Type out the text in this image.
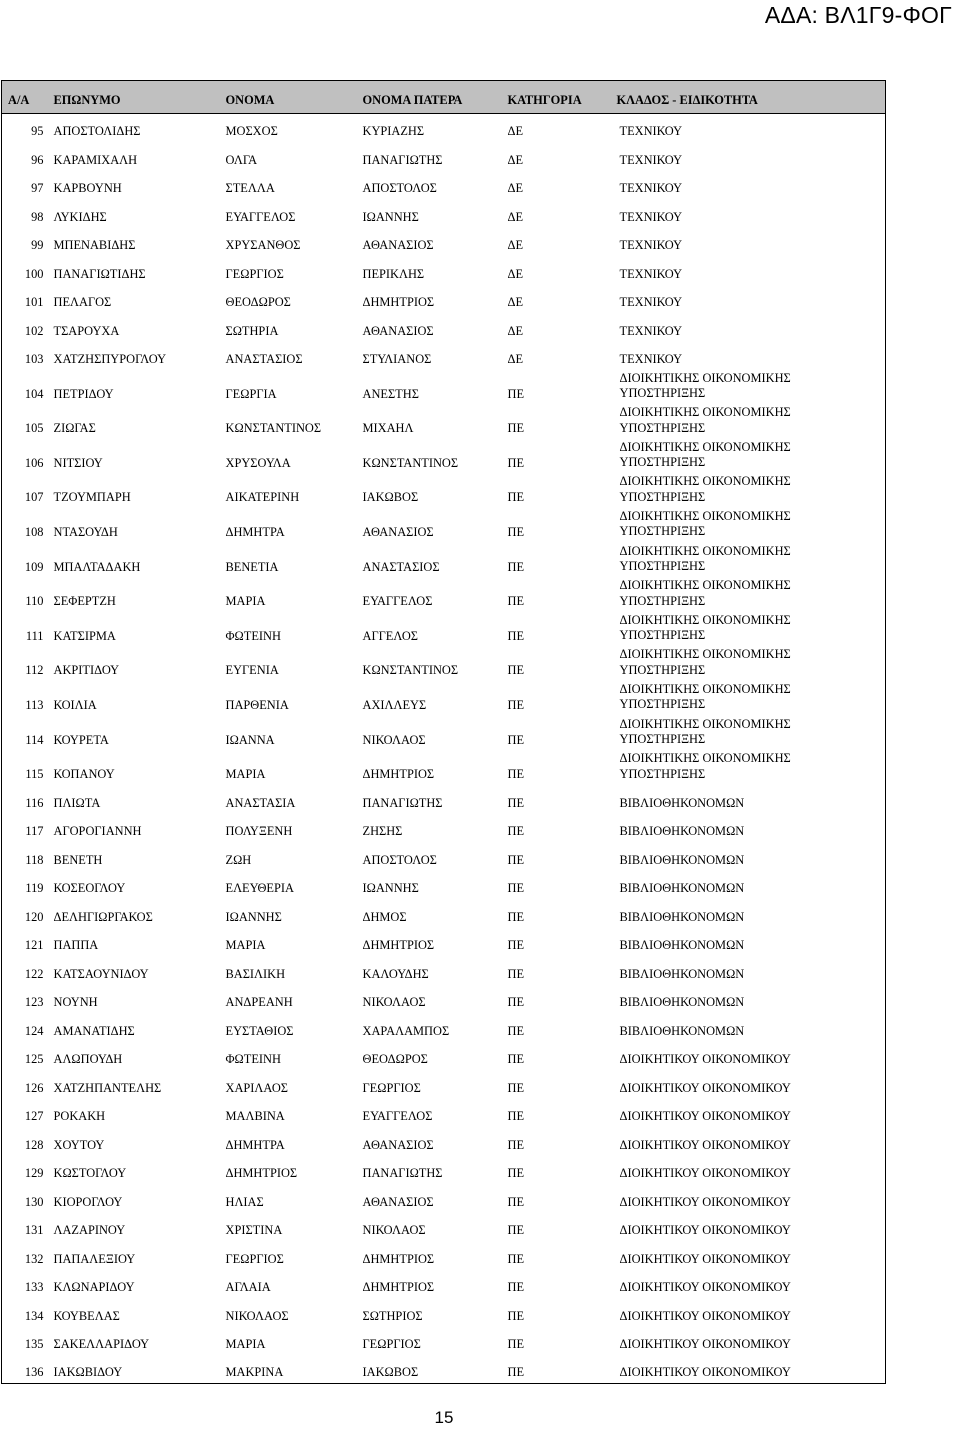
ΑΔΑ: ΒΛ1Γ9-ΦΟΓ
Α/Α	ΕΠΩΝΥΜΟ	ΟΝΟΜΑ	ΟΝΟΜΑ ΠΑΤΕΡΑ	ΚΑΤΗΓΟΡΙΑ	ΚΛΑΔΟΣ - ΕΙΔΙΚΟΤΗΤΑ
95	ΑΠΟΣΤΟΛΙΔΗΣ	ΜΟΣΧΟΣ	ΚΥΡΙΑΖΗΣ	ΔΕ	ΤΕΧΝΙΚΟΥ

96	ΚΑΡΑΜΙΧΑΛΗ	ΟΛΓΑ	ΠΑΝΑΓΙΩΤΗΣ	ΔΕ	ΤΕΧΝΙΚΟΥ

97	ΚΑΡΒΟΥΝΗ	ΣΤΕΛΛΑ	ΑΠΟΣΤΟΛΟΣ	ΔΕ	ΤΕΧΝΙΚΟΥ

98	ΛΥΚΙΔΗΣ	ΕΥΑΓΓΕΛΟΣ	ΙΩΑΝΝΗΣ	ΔΕ	ΤΕΧΝΙΚΟΥ

99	ΜΠΕΝΑΒΙΔΗΣ	ΧΡΥΣΑΝΘΟΣ	ΑΘΑΝΑΣΙΟΣ	ΔΕ	ΤΕΧΝΙΚΟΥ

100	ΠΑΝΑΓΙΩΤΙΔΗΣ	ΓΕΩΡΓΙΟΣ	ΠΕΡΙΚΛΗΣ	ΔΕ	ΤΕΧΝΙΚΟΥ

101	ΠΕΛΑΓΟΣ	ΘΕΟΔΩΡΟΣ	ΔΗΜΗΤΡΙΟΣ	ΔΕ	ΤΕΧΝΙΚΟΥ

102	ΤΣΑΡΟΥΧΑ	ΣΩΤΗΡΙΑ	ΑΘΑΝΑΣΙΟΣ	ΔΕ	ΤΕΧΝΙΚΟΥ

103	ΧΑΤΖΗΣΠΥΡΟΓΛΟΥ	ΑΝΑΣΤΑΣΙΟΣ	ΣΤΥΛΙΑΝΟΣ	ΔΕ	ΤΕΧΝΙΚΟΥ

104	ΠΕΤΡΙΔΟΥ	ΓΕΩΡΓΙΑ	ΑΝΕΣΤΗΣ	ΠΕ	ΔΙΟΙΚΗΤΙΚΗΣ ΟΙΚΟΝΟΜΙΚΗΣ
ΥΠΟΣΤΗΡΙΞΗΣ

105	ΖΙΩΓΑΣ	ΚΩΝΣΤΑΝΤΙΝΟΣ	ΜΙΧΑΗΛ	ΠΕ	ΔΙΟΙΚΗΤΙΚΗΣ ΟΙΚΟΝΟΜΙΚΗΣ
ΥΠΟΣΤΗΡΙΞΗΣ

106	ΝΙΤΣΙΟΥ	ΧΡΥΣΟΥΛΑ	ΚΩΝΣΤΑΝΤΙΝΟΣ	ΠΕ	ΔΙΟΙΚΗΤΙΚΗΣ ΟΙΚΟΝΟΜΙΚΗΣ
ΥΠΟΣΤΗΡΙΞΗΣ

107	ΤΖΟΥΜΠΑΡΗ	ΑΙΚΑΤΕΡΙΝΗ	ΙΑΚΩΒΟΣ	ΠΕ	ΔΙΟΙΚΗΤΙΚΗΣ ΟΙΚΟΝΟΜΙΚΗΣ
ΥΠΟΣΤΗΡΙΞΗΣ

108	ΝΤΑΣΟΥΔΗ	ΔΗΜΗΤΡΑ	ΑΘΑΝΑΣΙΟΣ	ΠΕ	ΔΙΟΙΚΗΤΙΚΗΣ ΟΙΚΟΝΟΜΙΚΗΣ
ΥΠΟΣΤΗΡΙΞΗΣ

109	ΜΠΑΛΤΑΔΑΚΗ	ΒΕΝΕΤΙΑ	ΑΝΑΣΤΑΣΙΟΣ	ΠΕ	ΔΙΟΙΚΗΤΙΚΗΣ ΟΙΚΟΝΟΜΙΚΗΣ
ΥΠΟΣΤΗΡΙΞΗΣ

110	ΣΕΦΕΡΤΖΗ	ΜΑΡΙΑ	ΕΥΑΓΓΕΛΟΣ	ΠΕ	ΔΙΟΙΚΗΤΙΚΗΣ ΟΙΚΟΝΟΜΙΚΗΣ
ΥΠΟΣΤΗΡΙΞΗΣ

111	ΚΑΤΣΙΡΜΑ	ΦΩΤΕΙΝΗ	ΑΓΓΕΛΟΣ	ΠΕ	ΔΙΟΙΚΗΤΙΚΗΣ ΟΙΚΟΝΟΜΙΚΗΣ
ΥΠΟΣΤΗΡΙΞΗΣ

112	ΑΚΡΙΤΙΔΟΥ	ΕΥΓΕΝΙΑ	ΚΩΝΣΤΑΝΤΙΝΟΣ	ΠΕ	ΔΙΟΙΚΗΤΙΚΗΣ ΟΙΚΟΝΟΜΙΚΗΣ
ΥΠΟΣΤΗΡΙΞΗΣ

113	ΚΟΙΛΙΑ	ΠΑΡΘΕΝΙΑ	ΑΧΙΛΛΕΥΣ	ΠΕ	ΔΙΟΙΚΗΤΙΚΗΣ ΟΙΚΟΝΟΜΙΚΗΣ
ΥΠΟΣΤΗΡΙΞΗΣ

114	ΚΟΥΡΕΤΑ	ΙΩΑΝΝΑ	ΝΙΚΟΛΑΟΣ	ΠΕ	ΔΙΟΙΚΗΤΙΚΗΣ ΟΙΚΟΝΟΜΙΚΗΣ
ΥΠΟΣΤΗΡΙΞΗΣ

115	ΚΟΠΑΝΟΥ	ΜΑΡΙΑ	ΔΗΜΗΤΡΙΟΣ	ΠΕ	ΔΙΟΙΚΗΤΙΚΗΣ ΟΙΚΟΝΟΜΙΚΗΣ
ΥΠΟΣΤΗΡΙΞΗΣ

116	ΠΛΙΩΤΑ	ΑΝΑΣΤΑΣΙΑ	ΠΑΝΑΓΙΩΤΗΣ	ΠΕ	ΒΙΒΛΙΟΘΗΚΟΝΟΜΩΝ

117	ΑΓΟΡΟΓΙΑΝΝΗ	ΠΟΛΥΞΕΝΗ	ΖΗΣΗΣ	ΠΕ	ΒΙΒΛΙΟΘΗΚΟΝΟΜΩΝ

118	ΒΕΝΕΤΗ	ΖΩΗ	ΑΠΟΣΤΟΛΟΣ	ΠΕ	ΒΙΒΛΙΟΘΗΚΟΝΟΜΩΝ

119	ΚΟΣΕΟΓΛΟΥ	ΕΛΕΥΘΕΡΙΑ	ΙΩΑΝΝΗΣ	ΠΕ	ΒΙΒΛΙΟΘΗΚΟΝΟΜΩΝ

120	ΔΕΛΗΓΙΩΡΓΑΚΟΣ	ΙΩΑΝΝΗΣ	ΔΗΜΟΣ	ΠΕ	ΒΙΒΛΙΟΘΗΚΟΝΟΜΩΝ

121	ΠΑΠΠΑ	ΜΑΡΙΑ	ΔΗΜΗΤΡΙΟΣ	ΠΕ	ΒΙΒΛΙΟΘΗΚΟΝΟΜΩΝ

122	ΚΑΤΣΑΟΥΝΙΔΟΥ	ΒΑΣΙΛΙΚΗ	ΚΑΛΟΥΔΗΣ	ΠΕ	ΒΙΒΛΙΟΘΗΚΟΝΟΜΩΝ

123	ΝΟΥΝΗ	ΑΝΔΡΕΑΝΗ	ΝΙΚΟΛΑΟΣ	ΠΕ	ΒΙΒΛΙΟΘΗΚΟΝΟΜΩΝ

124	ΑΜΑΝΑΤΙΔΗΣ	ΕΥΣΤΑΘΙΟΣ	ΧΑΡΑΛΑΜΠΟΣ	ΠΕ	ΒΙΒΛΙΟΘΗΚΟΝΟΜΩΝ

125	ΑΛΩΠΟΥΔΗ	ΦΩΤΕΙΝΗ	ΘΕΟΔΩΡΟΣ	ΠΕ	ΔΙΟΙΚΗΤΙΚΟΥ ΟΙΚΟΝΟΜΙΚΟΥ

126	ΧΑΤΖΗΠΑΝΤΕΛΗΣ	ΧΑΡΙΛΑΟΣ	ΓΕΩΡΓΙΟΣ	ΠΕ	ΔΙΟΙΚΗΤΙΚΟΥ ΟΙΚΟΝΟΜΙΚΟΥ

127	ΡΟΚΑΚΗ	ΜΑΛΒΙΝΑ	ΕΥΑΓΓΕΛΟΣ	ΠΕ	ΔΙΟΙΚΗΤΙΚΟΥ ΟΙΚΟΝΟΜΙΚΟΥ

128	ΧΟΥΤΟΥ	ΔΗΜΗΤΡΑ	ΑΘΑΝΑΣΙΟΣ	ΠΕ	ΔΙΟΙΚΗΤΙΚΟΥ ΟΙΚΟΝΟΜΙΚΟΥ

129	ΚΩΣΤΟΓΛΟΥ	ΔΗΜΗΤΡΙΟΣ	ΠΑΝΑΓΙΩΤΗΣ	ΠΕ	ΔΙΟΙΚΗΤΙΚΟΥ ΟΙΚΟΝΟΜΙΚΟΥ

130	ΚΙΟΡΟΓΛΟΥ	ΗΛΙΑΣ	ΑΘΑΝΑΣΙΟΣ	ΠΕ	ΔΙΟΙΚΗΤΙΚΟΥ ΟΙΚΟΝΟΜΙΚΟΥ

131	ΛΑΖΑΡΙΝΟΥ	ΧΡΙΣΤΙΝΑ	ΝΙΚΟΛΑΟΣ	ΠΕ	ΔΙΟΙΚΗΤΙΚΟΥ ΟΙΚΟΝΟΜΙΚΟΥ

132	ΠΑΠΑΛΕΞΙΟΥ	ΓΕΩΡΓΙΟΣ	ΔΗΜΗΤΡΙΟΣ	ΠΕ	ΔΙΟΙΚΗΤΙΚΟΥ ΟΙΚΟΝΟΜΙΚΟΥ

133	ΚΛΩΝΑΡΙΔΟΥ	ΑΓΛΑΙΑ	ΔΗΜΗΤΡΙΟΣ	ΠΕ	ΔΙΟΙΚΗΤΙΚΟΥ ΟΙΚΟΝΟΜΙΚΟΥ

134	ΚΟΥΒΕΛΑΣ	ΝΙΚΟΛΑΟΣ	ΣΩΤΗΡΙΟΣ	ΠΕ	ΔΙΟΙΚΗΤΙΚΟΥ ΟΙΚΟΝΟΜΙΚΟΥ

135	ΣΑΚΕΛΛΑΡΙΔΟΥ	ΜΑΡΙΑ	ΓΕΩΡΓΙΟΣ	ΠΕ	ΔΙΟΙΚΗΤΙΚΟΥ ΟΙΚΟΝΟΜΙΚΟΥ

136	ΙΑΚΩΒΙΔΟΥ	ΜΑΚΡΙΝΑ	ΙΑΚΩΒΟΣ	ΠΕ	ΔΙΟΙΚΗΤΙΚΟΥ ΟΙΚΟΝΟΜΙΚΟΥ
15
